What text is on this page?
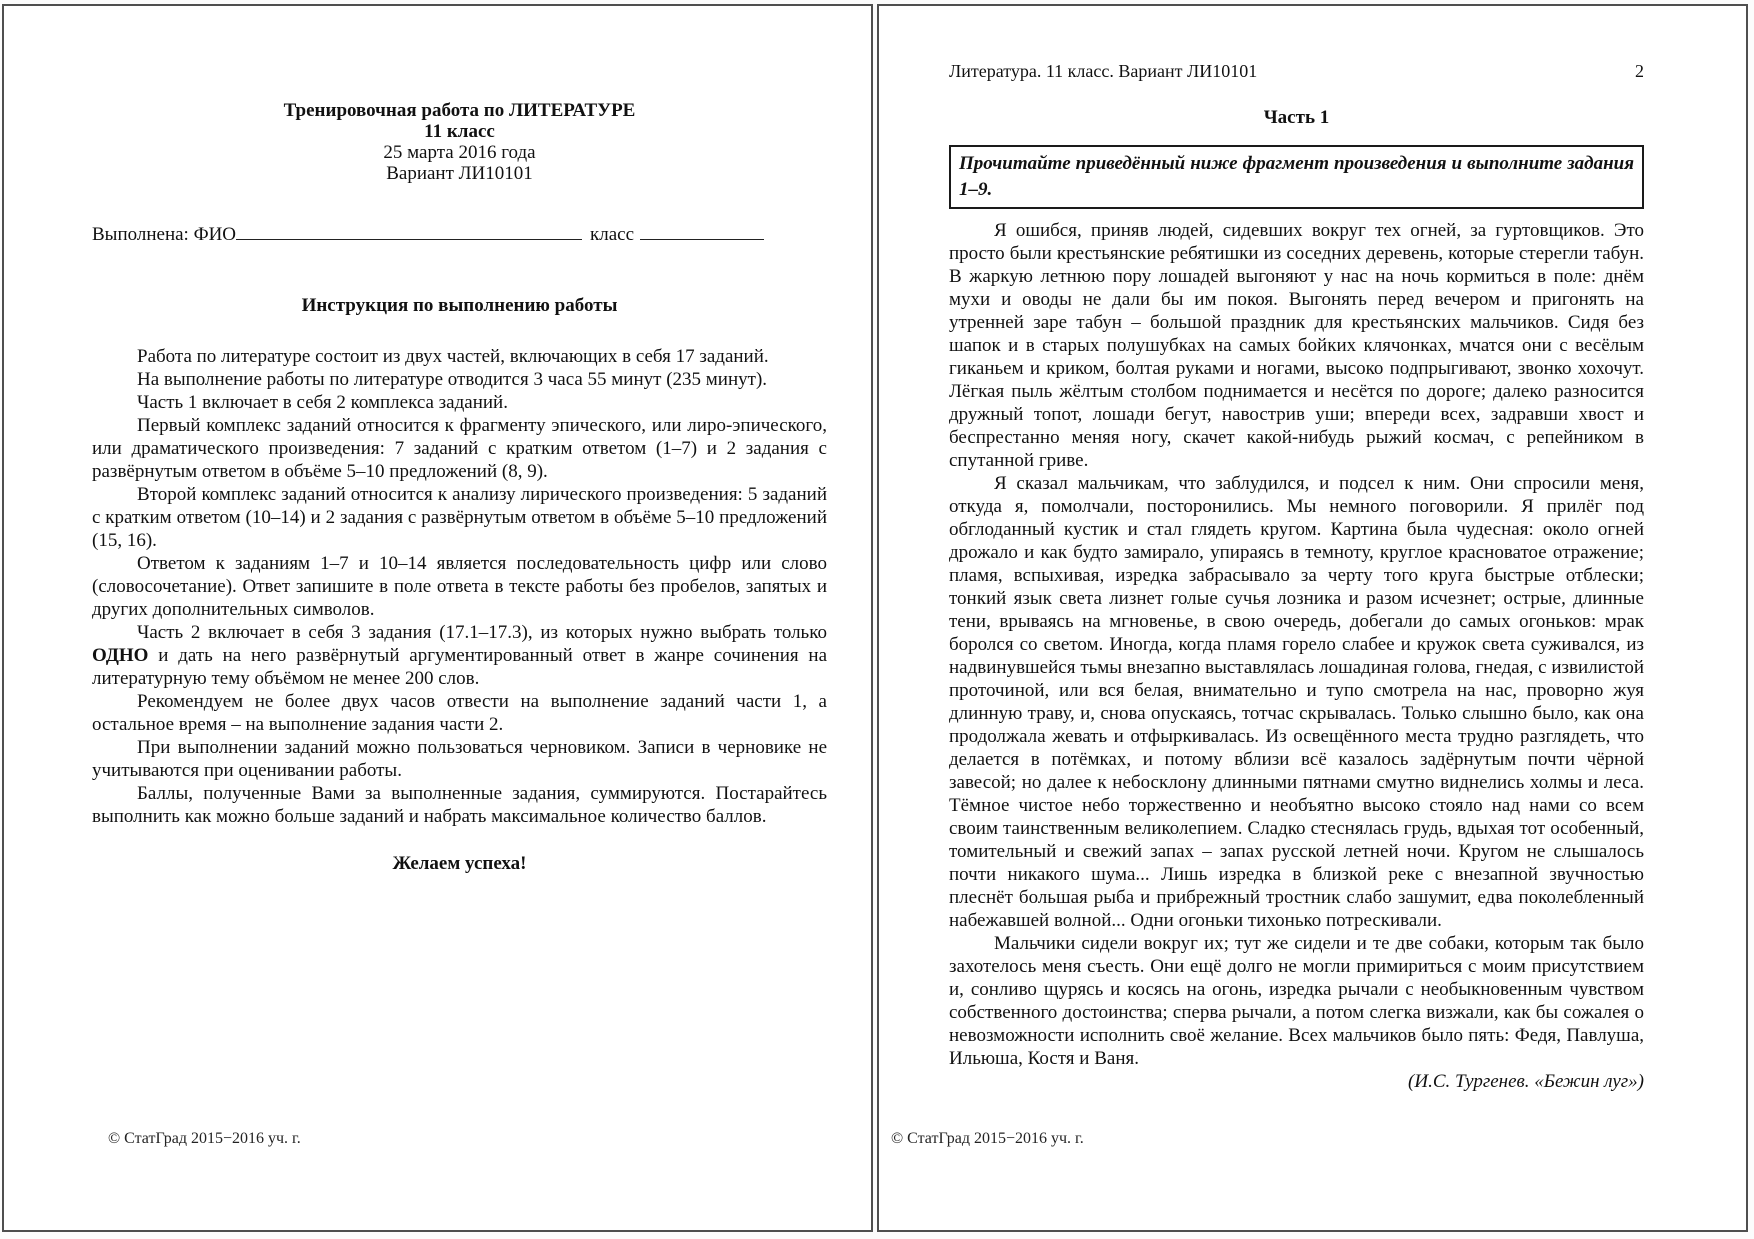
Тренировочная работа по ЛИТЕРАТУРЕ
11 класс
25 марта 2016 года
Вариант ЛИ10101
Выполнена: ФИО	класс
Инструкция по выполнению работы

Работа по литературе состоит из двух частей, включающих в себя 17 заданий.

На выполнение работы по литературе отводится 3 часа 55 минут (235 минут).

Часть 1 включает в себя 2 комплекса заданий.

Первый комплекс заданий относится к фрагменту эпического, или лиро-эпического, или драматического произведения: 7 заданий с кратким ответом (1–7) и 2 задания с развёрнутым ответом в объёме 5–10 предложений (8, 9).

Второй комплекс заданий относится к анализу лирического произведения: 5 заданий с кратким ответом (10–14) и 2 задания с развёрнутым ответом в объёме 5–10 предложений (15, 16).

Ответом к заданиям 1–7 и 10–14 является последовательность цифр или слово (словосочетание). Ответ запишите в поле ответа в тексте работы без пробелов, запятых и других дополнительных символов.

Часть 2 включает в себя 3 задания (17.1–17.3), из которых нужно выбрать только ОДНО и дать на него развёрнутый аргументированный ответ в жанре сочинения на литературную тему объёмом не менее 200 слов.

Рекомендуем не более двух часов отвести на выполнение заданий части 1, а остальное время – на выполнение задания части 2.

При выполнении заданий можно пользоваться черновиком. Записи в черновике не учитываются при оценивании работы.

Баллы, полученные Вами за выполненные задания, суммируются. Постарайтесь выполнить как можно больше заданий и набрать максимальное количество баллов.

Желаем успеха!
© СтатГрад 2015−2016 уч. г.
Литература. 11 класс. Вариант ЛИ10101	2
Часть 1
Прочитайте приведённый ниже фрагмент произведения и выполните задания 1–9.

Я ошибся, приняв людей, сидевших вокруг тех огней, за гуртовщиков. Это просто были крестьянские ребятишки из соседних деревень, которые стерегли табун. В жаркую летнюю пору лошадей выгоняют у нас на ночь кормиться в поле: днём мухи и оводы не дали бы им покоя. Выгонять перед вечером и пригонять на утренней заре табун – большой праздник для крестьянских мальчиков. Сидя без шапок и в старых полушубках на самых бойких клячонках, мчатся они с весёлым гиканьем и криком, болтая руками и ногами, высоко подпрыгивают, звонко хохочут. Лёгкая пыль жёлтым столбом поднимается и несётся по дороге; далеко разносится дружный топот, лошади бегут, навострив уши; впереди всех, задравши хвост и беспрестанно меняя ногу, скачет какой-нибудь рыжий космач, с репейником в спутанной гриве.

Я сказал мальчикам, что заблудился, и подсел к ним. Они спросили меня, откуда я, помолчали, посторонились. Мы немного поговорили. Я прилёг под обглоданный кустик и стал глядеть кругом. Картина была чудесная: около огней дрожало и как будто замирало, упираясь в темноту, круглое красноватое отражение; пламя, вспыхивая, изредка забрасывало за черту того круга быстрые отблески; тонкий язык света лизнет голые сучья лозника и разом исчезнет; острые, длинные тени, врываясь на мгновенье, в свою очередь, добегали до самых огоньков: мрак боролся со светом. Иногда, когда пламя горело слабее и кружок света суживался, из надвинувшейся тьмы внезапно выставлялась лошадиная голова, гнедая, с извилистой проточиной, или вся белая, внимательно и тупо смотрела на нас, проворно жуя длинную траву, и, снова опускаясь, тотчас скрывалась. Только слышно было, как она продолжала жевать и отфыркивалась. Из освещённого места трудно разглядеть, что делается в потёмках, и потому вблизи всё казалось задёрнутым почти чёрной завесой; но далее к небосклону длинными пятнами смутно виднелись холмы и леса. Тёмное чистое небо торжественно и необъятно высоко стояло над нами со всем своим таинственным великолепием. Сладко стеснялась грудь, вдыхая тот особенный, томительный и свежий запах – запах русской летней ночи. Кругом не слышалось почти никакого шума... Лишь изредка в близкой реке с внезапной звучностью плеснёт большая рыба и прибрежный тростник слабо зашумит, едва поколебленный набежавшей волной... Одни огоньки тихонько потрескивали.

Мальчики сидели вокруг их; тут же сидели и те две собаки, которым так было захотелось меня съесть. Они ещё долго не могли примириться с моим присутствием и, сонливо щурясь и косясь на огонь, изредка рычали с необыкновенным чувством собственного достоинства; сперва рычали, а потом слегка визжали, как бы сожалея о невозможности исполнить своё желание. Всех мальчиков было пять: Федя, Павлуша, Ильюша, Костя и Ваня.

(И.С. Тургенев. «Бежин луг»)

© СтатГрад 2015−2016 уч. г.
